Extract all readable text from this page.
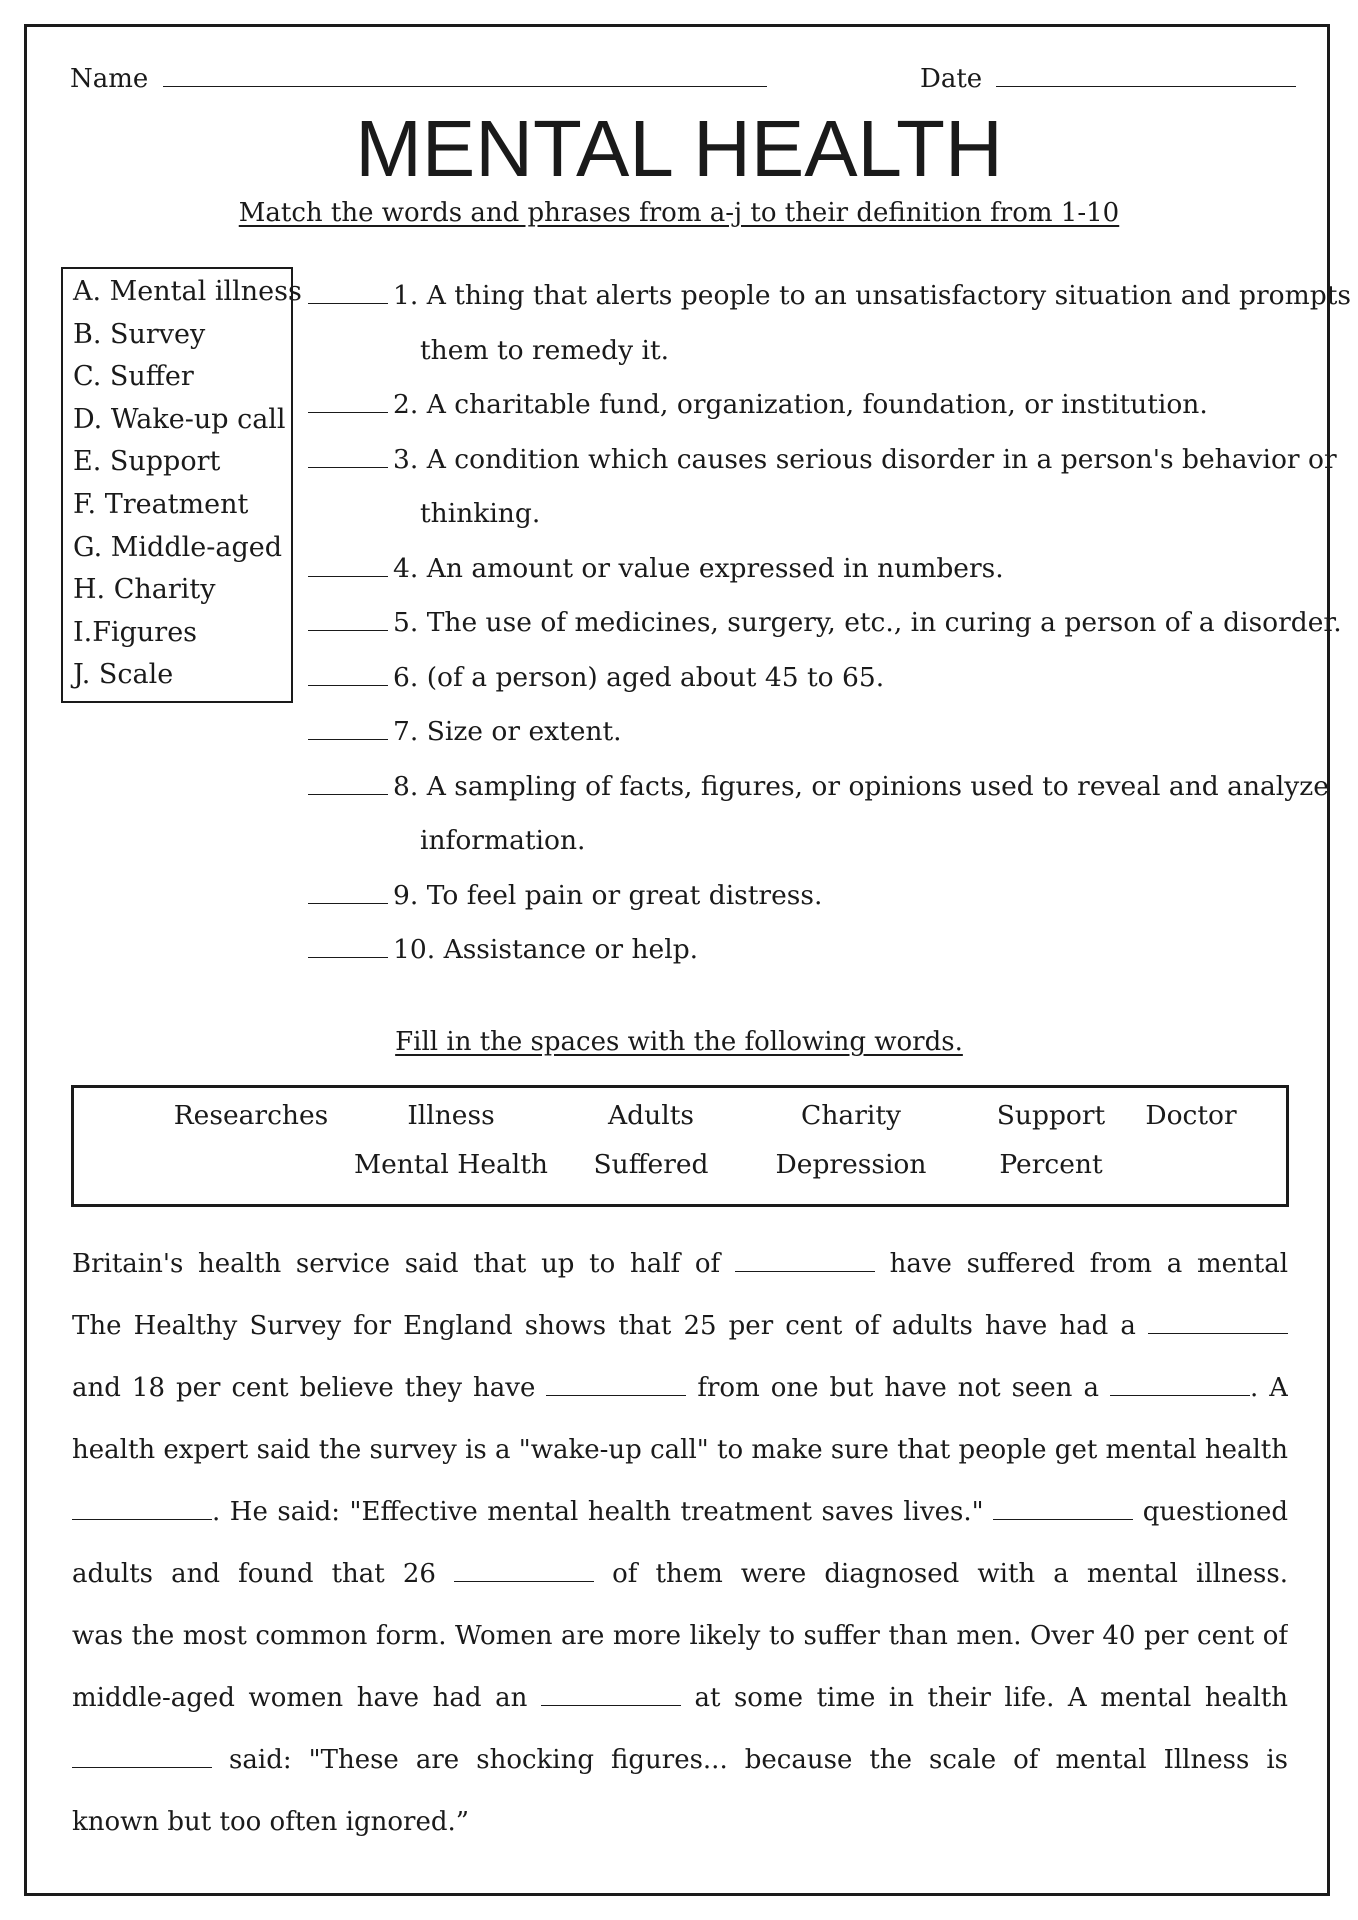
Name	Date
MENTAL HEALTH
Match the words and phrases from a-j to their definition from 1-10
A. Mental illness
B. Survey
C. Suffer
D. Wake-up call
E. Support
F. Treatment
G. Middle-aged
H. Charity
I.Figures
J. Scale
1. A thing that alerts people to an unsatisfactory situation and prompts
them to remedy it.
2. A charitable fund, organization, foundation, or institution.
3. A condition which causes serious disorder in a person's behavior or
thinking.
4. An amount or value expressed in numbers.
5. The use of medicines, surgery, etc., in curing a person of a disorder.
6. (of a person) aged about 45 to 65.
7. Size or extent.
8. A sampling of facts, figures, or opinions used to reveal and analyze
information.
9. To feel pain or great distress.
10. Assistance or help.
Fill in the spaces with the following words.
Researches	Illness	Adults	Charity	Support	Doctor
Mental Health	Suffered	Depression	Percent
Britain's health service said that up to half of	have suffered from a mental
The Healthy Survey for England shows that 25 per cent of adults have had a
and 18 per cent believe they have	from one but have not seen a	. A
health expert said the survey is a "wake-up call" to make sure that people get mental health
. He said: "Effective mental health treatment saves lives."	questioned
adults and found that 26	of them were diagnosed with a mental illness.
was the most common form. Women are more likely to suffer than men. Over 40 per cent of
middle-aged women have had an	at some time in their life. A mental health
said: "These are shocking figures... because the scale of mental Illness is
known but too often ignored.”
